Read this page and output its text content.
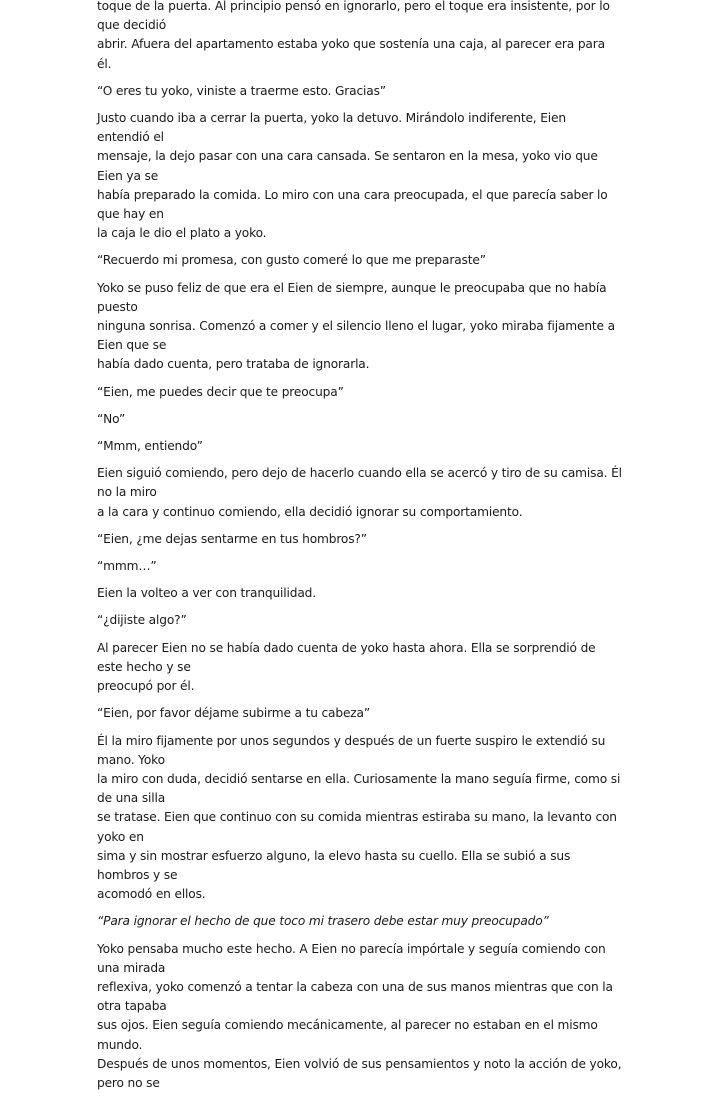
toque de la puerta. Al principio pensó en ignorarlo, pero el toque era insistente, por lo que decidió
abrir. Afuera del apartamento estaba yoko que sostenía una caja, al parecer era para él.

“O eres tu yoko, viniste a traerme esto. Gracias”

Justo cuando iba a cerrar la puerta, yoko la detuvo. Mirándolo indiferente, Eien entendió el
mensaje, la dejo pasar con una cara cansada. Se sentaron en la mesa, yoko vio que Eien ya se
había preparado la comida. Lo miro con una cara preocupada, el que parecía saber lo que hay en
la caja le dio el plato a yoko.

“Recuerdo mi promesa, con gusto comeré lo que me preparaste”

Yoko se puso feliz de que era el Eien de siempre, aunque le preocupaba que no había puesto
ninguna sonrisa. Comenzó a comer y el silencio lleno el lugar, yoko miraba fijamente a Eien que se
había dado cuenta, pero trataba de ignorarla.

“Eien, me puedes decir que te preocupa”

“No”

“Mmm, entiendo”

Eien siguió comiendo, pero dejo de hacerlo cuando ella se acercó y tiro de su camisa. Él no la miro
a la cara y continuo comiendo, ella decidió ignorar su comportamiento.

“Eien, ¿me dejas sentarme en tus hombros?”

“mmm…”

Eien la volteo a ver con tranquilidad.

“¿dijiste algo?”

Al parecer Eien no se había dado cuenta de yoko hasta ahora. Ella se sorprendió de este hecho y se
preocupó por él.

“Eien, por favor déjame subirme a tu cabeza”

Él la miro fijamente por unos segundos y después de un fuerte suspiro le extendió su mano. Yoko
la miro con duda, decidió sentarse en ella. Curiosamente la mano seguía firme, como si de una silla
se tratase. Eien que continuo con su comida mientras estiraba su mano, la levanto con yoko en
sima y sin mostrar esfuerzo alguno, la elevo hasta su cuello. Ella se subió a sus hombros y se
acomodó en ellos.

“Para ignorar el hecho de que toco mi trasero debe estar muy preocupado”

Yoko pensaba mucho este hecho. A Eien no parecía impórtale y seguía comiendo con una mirada
reflexiva, yoko comenzó a tentar la cabeza con una de sus manos mientras que con la otra tapaba
sus ojos. Eien seguía comiendo mecánicamente, al parecer no estaban en el mismo mundo.
Después de unos momentos, Eien volvió de sus pensamientos y noto la acción de yoko, pero no se
